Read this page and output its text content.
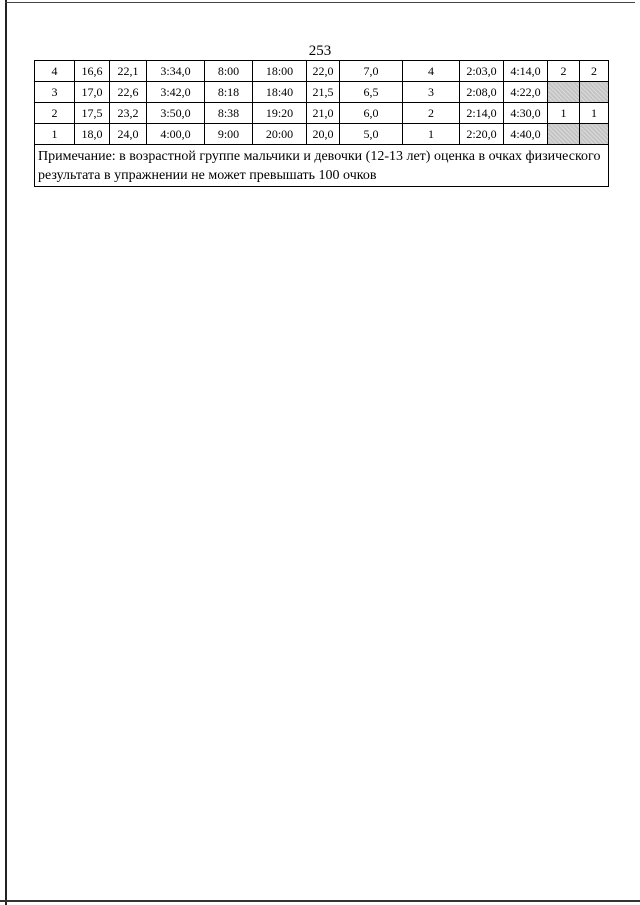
253
4	16,6	22,1	3:34,0	8:00	18:00	22,0	7,0	4	2:03,0	4:14,0	2	2
3	17,0	22,6	3:42,0	8:18	18:40	21,5	6,5	3	2:08,0	4:22,0		
2	17,5	23,2	3:50,0	8:38	19:20	21,0	6,0	2	2:14,0	4:30,0	1	1
1	18,0	24,0	4:00,0	9:00	20:00	20,0	5,0	1	2:20,0	4:40,0		
Примечание: в возрастной группе мальчики и девочки (12-13 лет) оценка в очках физического результата в упражнении не может превышать 100 очков												
